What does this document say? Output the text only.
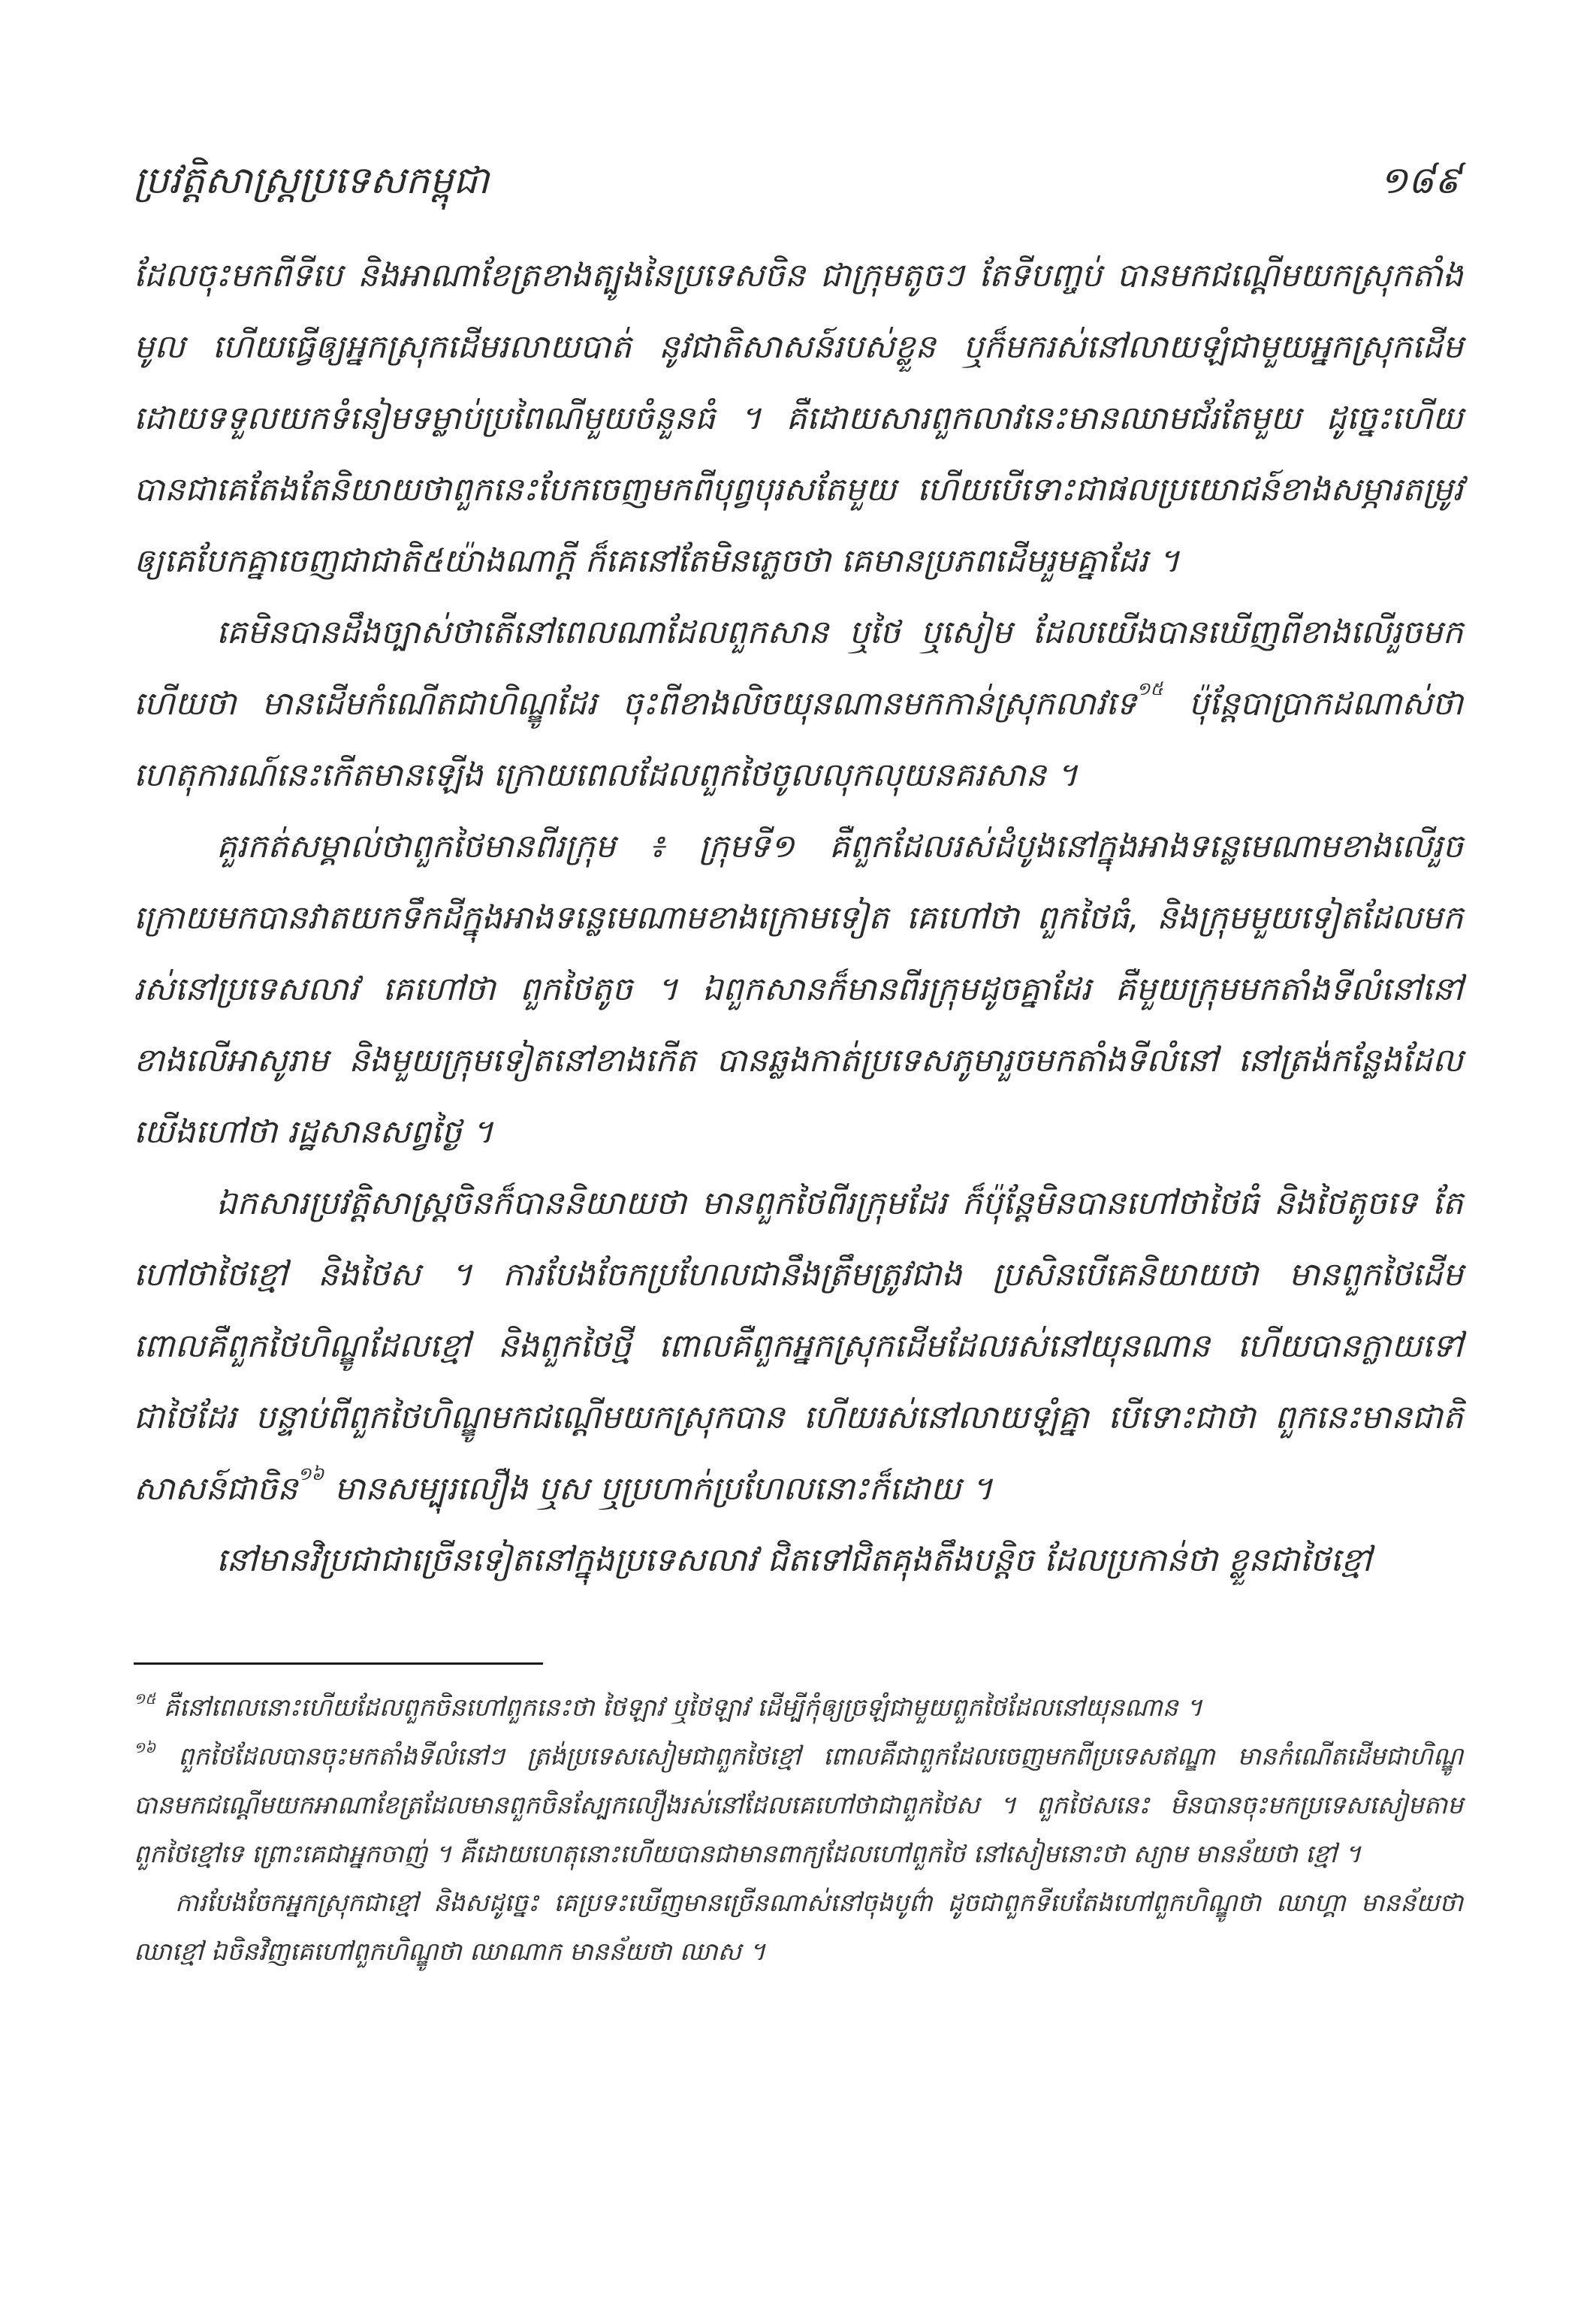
ប្រវត្តិសាស្ត្រប្រទេសកម្ពុជា	១៨៩

ដែលចុះមកពីទីបេ និងអាណាខែត្រខាងត្បូងនៃប្រទេសចិន ជាក្រុមតូចៗ តែទីបញ្ចប់ បានមកជណ្ដើមយកស្រុកតាំងមូល ហើយធ្វើឲ្យអ្នកស្រុកដើមរលាយបាត់ នូវជាតិសាសន៍របស់ខ្លួន ឬក៏មករស់នៅលាយឡំជាមួយអ្នកស្រុកដើម ដោយទទួលយកទំនៀមទម្លាប់ប្រពៃណីមួយចំនួនធំ ។ គឺដោយសារពួកលាវនេះមានឈាមជ័រតែមួយ ដូច្នេះហើយ បានជាគេតែងតែនិយាយថាពួកនេះបែកចេញមកពីបុព្វបុរសតែមួយ ហើយបើទោះជាផលប្រយោជន៍ខាងសម្ភារតម្រូវឲ្យគេបែកគ្នាចេញជាជាតិ៥យ៉ាងណាក្ដី ក៏គេនៅតែមិនភ្លេចថា គេមានប្រភពដើមរួមគ្នាដែរ ។

គេមិនបានដឹងច្បាស់ថាតើនៅពេលណាដែលពួកសាន ឬថៃ ឬសៀម ដែលយើងបានឃើញពីខាងលើរួចមកហើយថា មានដើមកំណើតជាហិណ្ឌូដែរ ចុះពីខាងលិចយុនណានមកកាន់ស្រុកលាវទេ$^{១៥}$ ប៉ុន្តែបាប្រាកដណាស់ថា ហេតុការណ៍នេះកើតមានឡើង ក្រោយពេលដែលពួកថៃចូលលុកលុយនគរសាន ។

គួរកត់សម្គាល់ថាពួកថៃមានពីរក្រុម ៖ ក្រុមទី១ គឺពួកដែលរស់ដំបូងនៅក្នុងអាងទន្លេមេណាមខាងលើរួចក្រោយមកបានវាតយកទឹកដីក្នុងអាងទន្លេមេណាមខាងក្រោមទៀត គេហៅថា ពួកថៃធំ, និងក្រុមមួយទៀតដែលមករស់នៅប្រទេសលាវ គេហៅថា ពួកថៃតូច ។ ឯពួកសានក៏មានពីរក្រុមដូចគ្នាដែរ គឺមួយក្រុមមកតាំងទីលំនៅនៅខាងលើអាសូរាម និងមួយក្រុមទៀតនៅខាងកើត បានឆ្លងកាត់ប្រទេសភូមារួចមកតាំងទីលំនៅ នៅត្រង់កន្លែងដែលយើងហៅថា រដ្ឋសានសព្វថ្ងៃ ។

ឯកសារប្រវត្តិសាស្ត្រចិនក៏បាននិយាយថា មានពួកថៃពីរក្រុមដែរ ក៏ប៉ុន្តែមិនបានហៅថាថៃធំ និងថៃតូចទេ តែហៅថាថៃខ្មៅ និងថៃស ។ ការបែងចែកប្រហែលជានឹងត្រឹមត្រូវជាង ប្រសិនបើគេនិយាយថា មានពួកថៃដើម ពោលគឺពួកថៃហិណ្ឌូដែលខ្មៅ និងពួកថៃថ្មី ពោលគឺពួកអ្នកស្រុកដើមដែលរស់នៅយុនណាន ហើយបានក្លាយទៅជាថៃដែរ បន្ទាប់ពីពួកថៃហិណ្ឌូមកជណ្ដើមយកស្រុកបាន ហើយរស់នៅលាយឡំគ្នា បើទោះជាថា ពួកនេះមានជាតិសាសន៍ជាចិន$^{១៦}$ មានសម្បុរលឿង ឬស ឬប្រហាក់ប្រហែលនោះក៏ដោយ ។

នៅមានវិប្រជាជាច្រើនទៀតនៅក្នុងប្រទេសលាវ ជិតទៅជិតគុងតឹងបន្តិច ដែលប្រកាន់ថា ខ្លួនជាថៃខ្មៅ

$^{១៥}$ គឺនៅពេលនោះហើយដែលពួកចិនហៅពួកនេះថា ថៃឡាវ ឬថៃឡាវ ដើម្បីកុំឲ្យច្រឡំជាមួយពួកថៃដែលនៅយុនណាន ។

$^{១៦}$ ពួកថៃដែលបានចុះមកតាំងទីលំនៅៗ ត្រង់ប្រទេសសៀមជាពួកថៃខ្មៅ ពោលគឺជាពួកដែលចេញមកពីប្រទេសឥណ្ឌា មានកំណើតដើមជាហិណ្ឌូ បានមកជណ្ដើមយកអាណាខែត្រដែលមានពួកចិនស្បែកលឿងរស់នៅដែលគេហៅថាជាពួកថៃស ។ ពួកថៃសនេះ មិនបានចុះមកប្រទេសសៀមតាមពួកថៃខ្មៅទេ ព្រោះគេជាអ្នកចាញ់ ។ គឺដោយហេតុនោះហើយបានជាមានពាក្យដែលហៅពួកថៃ នៅសៀមនោះថា ស្យាម មានន័យថា ខ្មៅ ។

ការបែងចែកអ្នកស្រុកជាខ្មៅ និងសដូច្នេះ គេប្រទះឃើញមានច្រើនណាស់នៅចុងបូព៌ា ដូចជាពួកទីបេតែងហៅពួកហិណ្ឌូថា ឈាហ្គា មានន័យថា ឈាខ្មៅ ឯចិនវិញគេហៅពួកហិណ្ឌូថា ឈាណាក មានន័យថា ឈាស ។
